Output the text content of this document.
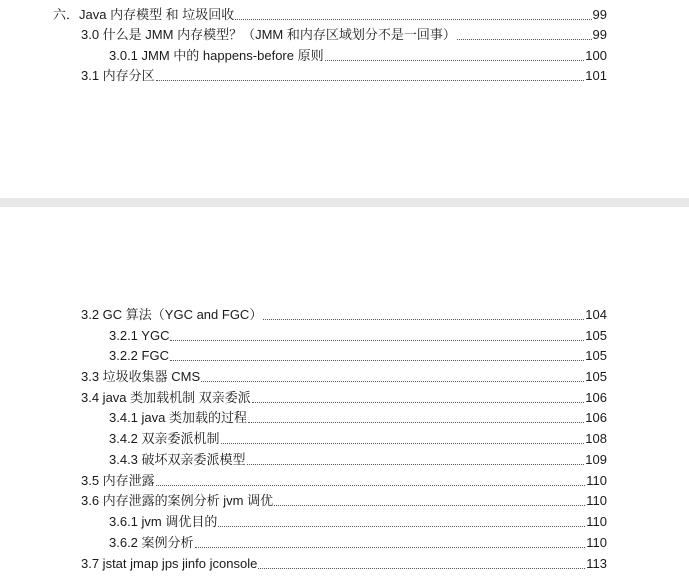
六．Java 内存模型 和 垃圾回收	99
3.0 什么是 JMM 内存模型？（JMM 和内存区域划分不是一回事）	99
3.0.1 JMM 中的 happens-before 原则	100
3.1 内存分区	101
3.2 GC 算法（YGC and FGC）	104
3.2.1 YGC	105
3.2.2 FGC	105
3.3 垃圾收集器 CMS	105
3.4 java 类加载机制 双亲委派	106
3.4.1 java 类加载的过程	106
3.4.2 双亲委派机制	108
3.4.3 破坏双亲委派模型	109
3.5 内存泄露	110
3.6 内存泄露的案例分析 jvm 调优	110
3.6.1 jvm 调优目的	110
3.6.2 案例分析	110
3.7 jstat jmap jps jinfo jconsole	113
